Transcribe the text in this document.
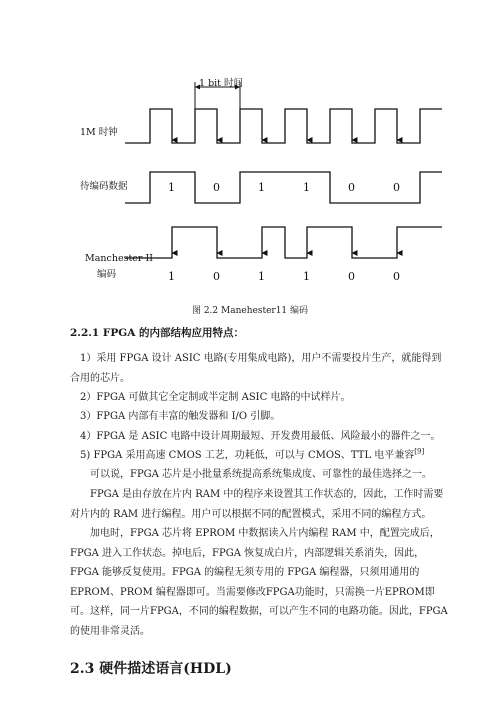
1 bit 时间
1M 时钟
待编码数据
Manchester II
编码
1	0	1	1	0	0
1	0	1	1	0	0
图 2.2 Manehester11 编码
2.2.1 FPGA 的内部结构应用特点：
1）采用 FPGA 设计 ASIC 电路(专用集成电路)，用户不需要投片生产，就能得到合用的芯片。
2）FPGA 可做其它全定制或半定制 ASIC 电路的中试样片。
3）FPGA 内部有丰富的触发器和 I/O 引脚。
4）FPGA 是 ASIC 电路中设计周期最短、开发费用最低、风险最小的器件之一。
5) FPGA 采用高速 CMOS 工艺，功耗低，可以与 CMOS、TTL 电平兼容[9]
可以说，FPGA 芯片是小批量系统提高系统集成度、可靠性的最佳选择之一。
FPGA 是由存放在片内 RAM 中的程序来设置其工作状态的，因此，工作时需要对片内的 RAM 进行编程。用户可以根据不同的配置模式，采用不同的编程方式。
加电时，FPGA 芯片将 EPROM 中数据读入片内编程 RAM 中，配置完成后，FPGA 进入工作状态。掉电后，FPGA 恢复成白片，内部逻辑关系消失，因此，FPGA 能够反复使用。FPGA 的编程无须专用的 FPGA 编程器，只须用通用的 EPROM、PROM 编程器即可。当需要修改FPGA功能时，只需换一片EPROM即可。这样，同一片FPGA，不同的编程数据，可以产生不同的电路功能。因此，FPGA 的使用非常灵活。
2.3 硬件描述语言(HDL)
